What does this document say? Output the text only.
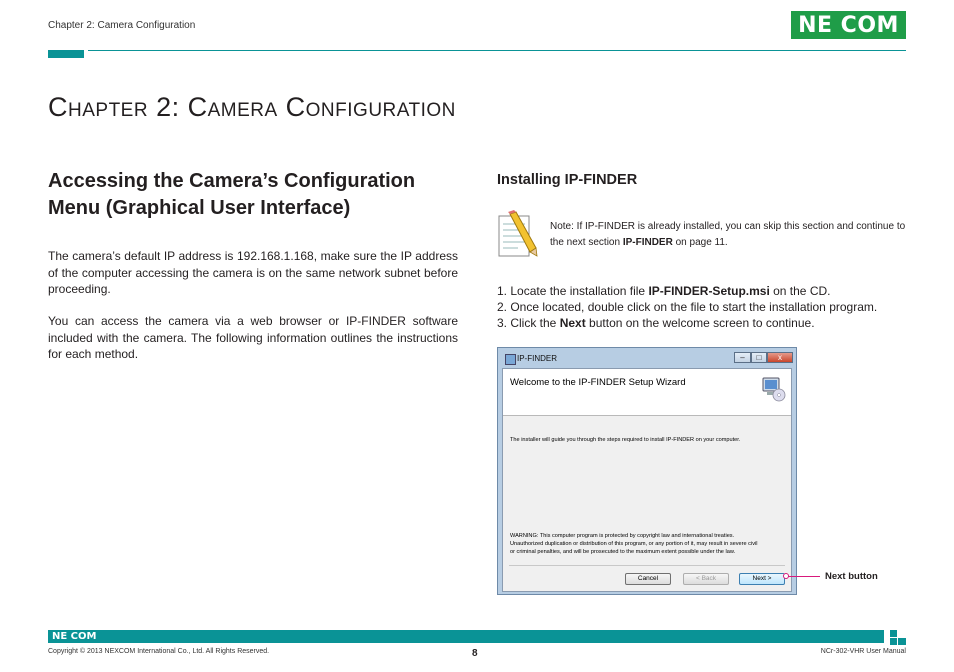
Chapter 2: Camera Configuration	NE COM
Chapter 2: Camera Configuration
Accessing the Camera’s Configuration
Menu (Graphical User Interface)
The camera’s default IP address is 192.168.1.168, make sure the IP address of the computer accessing the camera is on the same network subnet before proceeding.
You can access the camera via a web browser or IP-FINDER software included with the camera. The following information outlines the instructions for each method.
Installing IP-FINDER
Note: If IP-FINDER is already installed, you can skip this section and continue to the next section IP-FINDER on page 11.
1. Locate the installation file IP-FINDER-Setup.msi on the CD.
2. Once located, double click on the file to start the installation program.
3. Click the Next button on the welcome screen to continue.
IP-FINDER	–	□	x
Welcome to the IP-FINDER Setup Wizard
The installer will guide you through the steps required to install IP-FINDER on your computer.
WARNING: This computer program is protected by copyright law and international treaties.
Unauthorized duplication or distribution of this program, or any portion of it, may result in severe civil
or criminal penalties, and will be prosecuted to the maximum extent possible under the law.
Cancel	< Back	Next >	Next button
NE COM
Copyright © 2013 NEXCOM International Co., Ltd. All Rights Reserved.	8	NCr-302-VHR User Manual
